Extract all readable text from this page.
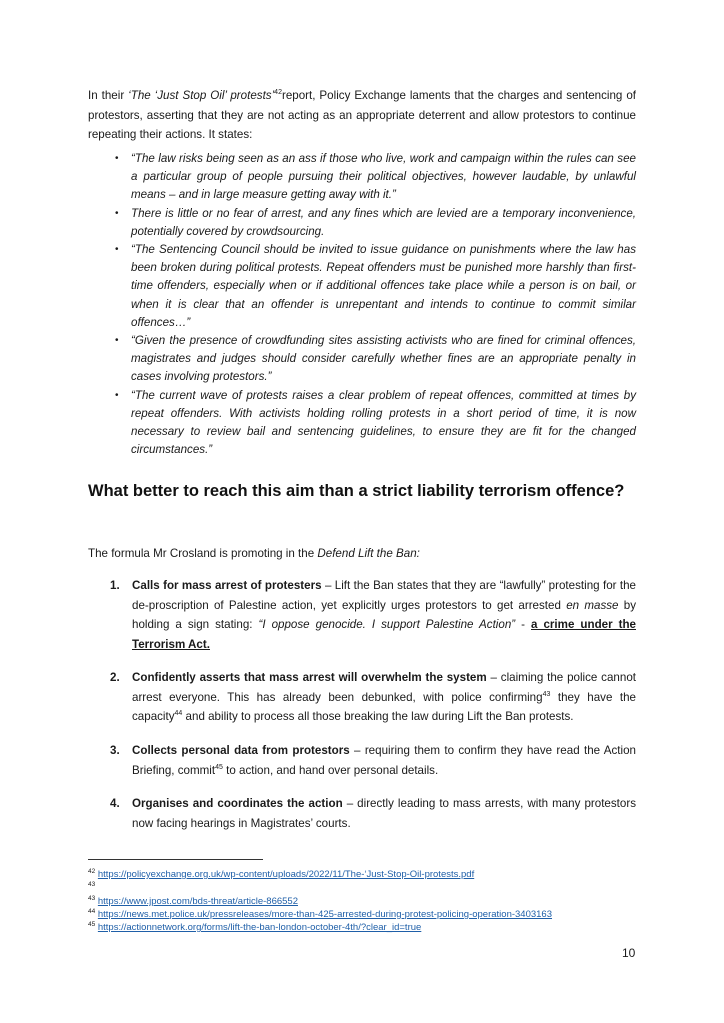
In their ‘The ‘Just Stop Oil’ protests’$^{42}$report, Policy Exchange laments that the charges and sentencing of protestors, asserting that they are not acting as an appropriate deterrent and allow protestors to continue repeating their actions. It states:
• “The law risks being seen as an ass if those who live, work and campaign within the rules can see a particular group of people pursuing their political objectives, however laudable, by unlawful means – and in large measure getting away with it.”
• There is little or no fear of arrest, and any fines which are levied are a temporary inconvenience, potentially covered by crowdsourcing.
• “The Sentencing Council should be invited to issue guidance on punishments where the law has been broken during political protests. Repeat offenders must be punished more harshly than first-time offenders, especially when or if additional offences take place while a person is on bail, or when it is clear that an offender is unrepentant and intends to continue to commit similar offences…”
• “Given the presence of crowdfunding sites assisting activists who are fined for criminal offences, magistrates and judges should consider carefully whether fines are an appropriate penalty in cases involving protestors.”
• “The current wave of protests raises a clear problem of repeat offences, committed at times by repeat offenders. With activists holding rolling protests in a short period of time, it is now necessary to review bail and sentencing guidelines, to ensure they are fit for the changed circumstances.”
What better to reach this aim than a strict liability terrorism offence?
The formula Mr Crosland is promoting in the Defend Lift the Ban:
1. Calls for mass arrest of protesters – Lift the Ban states that they are “lawfully” protesting for the de-proscription of Palestine action, yet explicitly urges protestors to get arrested en masse by holding a sign stating: “I oppose genocide. I support Palestine Action” - a crime under the Terrorism Act.
2. Confidently asserts that mass arrest will overwhelm the system – claiming the police cannot arrest everyone. This has already been debunked, with police confirming$^{43}$ they have the capacity$^{44}$ and ability to process all those breaking the law during Lift the Ban protests.
3. Collects personal data from protestors – requiring them to confirm they have read the Action Briefing, commit$^{45}$ to action, and hand over personal details.
4. Organises and coordinates the action – directly leading to mass arrests, with many protestors now facing hearings in Magistrates’ courts.
$^{42}$ https://policyexchange.org.uk/wp-content/uploads/2022/11/The-‘Just-Stop-Oil-protests.pdf
$^{43}$
$^{43}$ https://www.jpost.com/bds-threat/article-866552
$^{44}$ https://news.met.police.uk/pressreleases/more-than-425-arrested-during-protest-policing-operation-3403163
$^{45}$ https://actionnetwork.org/forms/lift-the-ban-london-october-4th/?clear_id=true
10
